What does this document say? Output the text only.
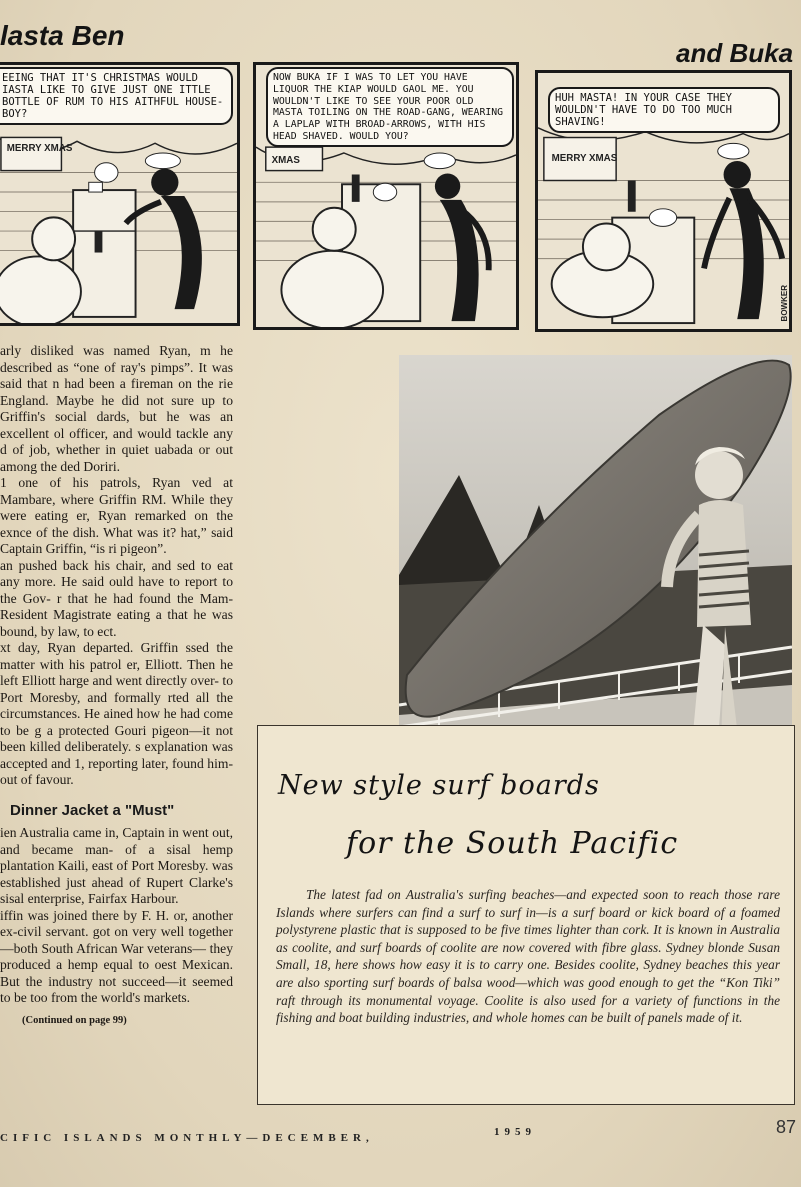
lasta Ben
and Buka
MERRY XMAS
EEING THAT IT'S CHRISTMAS WOULD IASTA LIKE TO GIVE JUST ONE ITTLE BOTTLE OF RUM TO HIS AITHFUL HOUSE-BOY?
XMAS
NOW BUKA IF I WAS TO LET YOU HAVE LIQUOR THE KIAP WOULD GAOL ME. YOU WOULDN'T LIKE TO SEE YOUR POOR OLD MASTA TOILING ON THE ROAD-GANG, WEARING A LAPLAP WITH BROAD-ARROWS, WITH HIS HEAD SHAVED. WOULD YOU?
MERRY XMAS
HUH MASTA! IN YOUR CASE THEY WOULDN'T HAVE TO DO TOO MUCH SHAVING!
BOWKER

arly disliked was named Ryan, m he described as “one of ray's pimps”. It was said that n had been a fireman on the rie England. Maybe he did not sure up to Griffin's social dards, but he was an excellent ol officer, and would tackle any d of job, whether in quiet uabada or out among the ded Doriri.

1 one of his patrols, Ryan ved at Mambare, where Griffin RM. While they were eating er, Ryan remarked on the exnce of the dish. What was it? hat,” said Captain Griffin, “is ri pigeon”.

an pushed back his chair, and sed to eat any more. He said ould have to report to the Gov- r that he had found the Mam- Resident Magistrate eating a that he was bound, by law, to ect.

xt day, Ryan departed. Griffin ssed the matter with his patrol er, Elliott. Then he left Elliott harge and went directly over- to Port Moresby, and formally rted all the circumstances. He ained how he had come to be g a protected Gouri pigeon—it not been killed deliberately. s explanation was accepted and 1, reporting later, found him- out of favour.

Dinner Jacket a "Must"

ien Australia came in, Captain in went out, and became man- of a sisal hemp plantation Kaili, east of Port Moresby. was established just ahead of Rupert Clarke's sisal enterprise, Fairfax Harbour.

iffin was joined there by F. H. or, another ex-civil servant. got on very well together—both South African War veterans— they produced a hemp equal to oest Mexican. But the industry not succeed—it seemed to be too from the world's markets.

(Continued on page 99)
New style surf boards
for the South Pacific
The latest fad on Australia's surfing beaches—and expected soon to reach those rare Islands where surfers can find a surf to surf in—is a surf board or kick board of a foamed polystyrene plastic that is supposed to be five times lighter than cork. It is known in Australia as coolite, and surf boards of coolite are now covered with fibre glass. Sydney blonde Susan Small, 18, here shows how easy it is to carry one. Besides coolite, Sydney beaches this year are also sporting surf boards of balsa wood—which was good enough to get the “Kon Tiki” raft through its monumental voyage. Coolite is also used for a variety of functions in the fishing and boat building industries, and whole homes can be built of panels made of it.
CIFIC ISLANDS MONTHLY—DECEMBER,	1959	87
